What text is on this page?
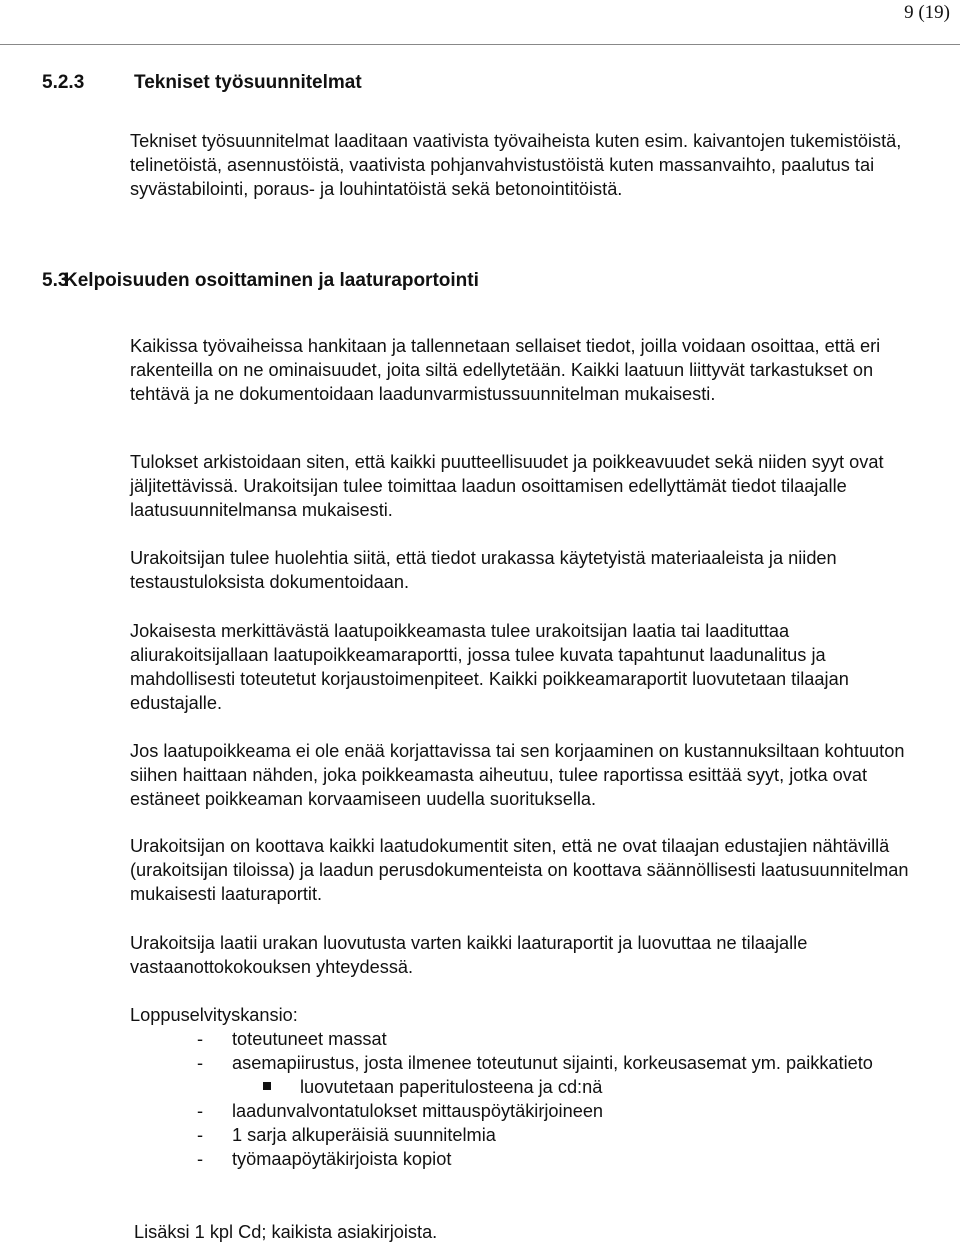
9 (19)
5.2.3	Tekniset työsuunnitelmat

Tekniset työsuunnitelmat laaditaan vaativista työvaiheista kuten esim. kaivantojen tukemistöistä, telinetöistä, asennustöistä, vaativista pohjanvahvistustöistä kuten massanvaihto, paalutus tai syvästabilointi, poraus- ja louhintatöistä sekä betonointitöistä.

5.3Kelpoisuuden osoittaminen ja laaturaportointi

Kaikissa työvaiheissa hankitaan ja tallennetaan sellaiset tiedot, joilla voidaan osoittaa, että eri rakenteilla on ne ominaisuudet, joita siltä edellytetään. Kaikki laatuun liittyvät tarkastukset on tehtävä ja ne dokumentoidaan laadunvarmistussuunnitelman mukaisesti.

Tulokset arkistoidaan siten, että kaikki puutteellisuudet ja poikkeavuudet sekä niiden syyt ovat jäljitettävissä. Urakoitsijan tulee toimittaa laadun osoittamisen edellyttämät tiedot tilaajalle laatusuunnitelmansa mukaisesti.

Urakoitsijan tulee huolehtia siitä, että tiedot urakassa käytetyistä materiaaleista ja niiden testaustuloksista dokumentoidaan.

Jokaisesta merkittävästä laatupoikkeamasta tulee urakoitsijan laatia tai laadituttaa aliurakoitsijallaan laatupoikkeamaraportti, jossa tulee kuvata tapahtunut laadunalitus ja mahdollisesti toteutetut korjaustoimenpiteet. Kaikki poikkeamaraportit luovutetaan tilaajan edustajalle.

Jos laatupoikkeama ei ole enää korjattavissa tai sen korjaaminen on kustannuksiltaan kohtuuton siihen haittaan nähden, joka poikkeamasta aiheutuu, tulee raportissa esittää syyt, jotka ovat estäneet poikkeaman korvaamiseen uudella suorituksella.

Urakoitsijan on koottava kaikki laatudokumentit siten, että ne ovat tilaajan edustajien nähtävillä (urakoitsijan tiloissa) ja laadun perusdokumenteista on koottava säännöllisesti laatusuunnitelman mukaisesti laaturaportit.

Urakoitsija laatii urakan luovutusta varten kaikki laaturaportit ja luovuttaa ne tilaajalle vastaanottokokouksen yhteydessä.

Loppuselvityskansio:

- toteutuneet massat
- asemapiirustus, josta ilmenee toteutunut sijainti, korkeusasemat ym. paikkatieto
luovutetaan paperitulosteena ja cd:nä
- laadunvalvontatulokset mittauspöytäkirjoineen
- 1 sarja alkuperäisiä suunnitelmia
- työmaapöytäkirjoista kopiot

Lisäksi 1 kpl Cd; kaikista asiakirjoista.
